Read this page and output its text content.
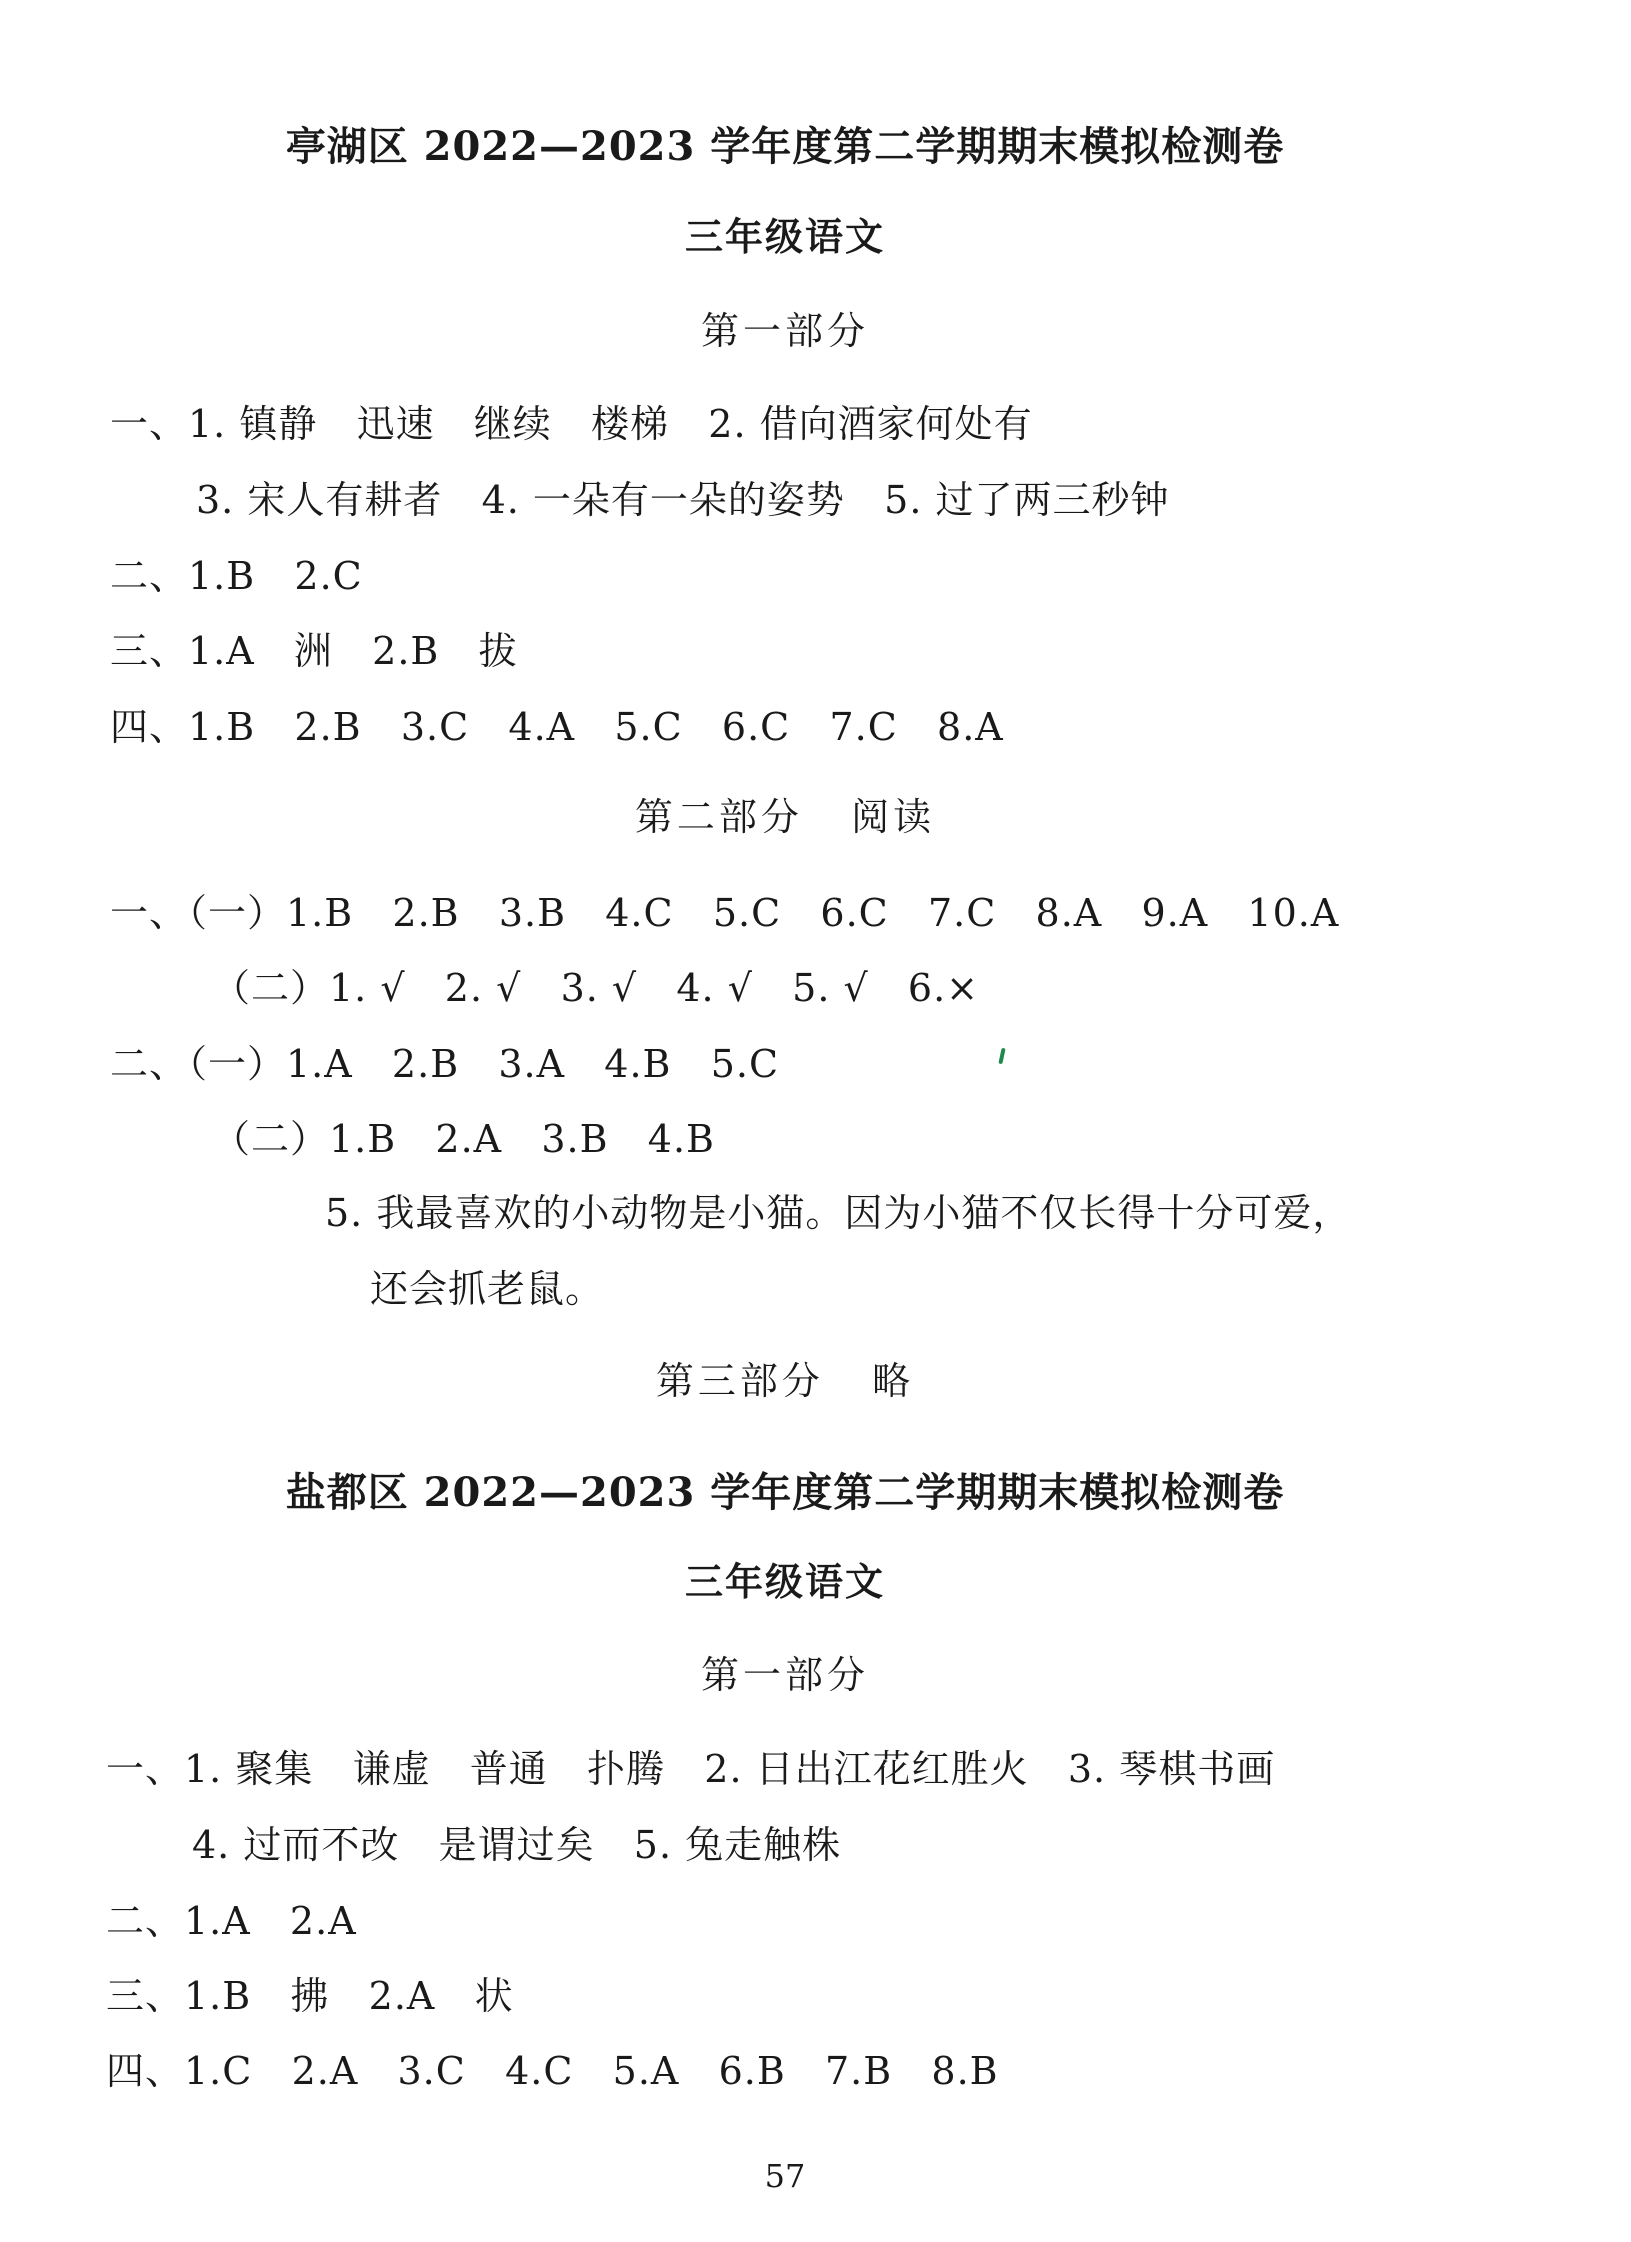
亭湖区 2022—2023 学年度第二学期期末模拟检测卷
三年级语文
第一部分
一、1. 镇静   迅速   继续   楼梯   2. 借向酒家何处有
3. 宋人有耕者   4. 一朵有一朵的姿势   5. 过了两三秒钟
二、1.B   2.C
三、1.A   洲   2.B   拔
四、1.B   2.B   3.C   4.A   5.C   6.C   7.C   8.A
第二部分   阅读
一、（一）1.B   2.B   3.B   4.C   5.C   6.C   7.C   8.A   9.A   10.A
（二）1. √   2. √   3. √   4. √   5. √   6.×
二、（一）1.A   2.B   3.A   4.B   5.C
（二）1.B   2.A   3.B   4.B
5. 我最喜欢的小动物是小猫。因为小猫不仅长得十分可爱，
还会抓老鼠。
第三部分   略
盐都区 2022—2023 学年度第二学期期末模拟检测卷
三年级语文
第一部分
一、1. 聚集   谦虚   普通   扑腾   2. 日出江花红胜火   3. 琴棋书画
4. 过而不改   是谓过矣   5. 兔走触株
二、1.A   2.A
三、1.B   拂   2.A   状
四、1.C   2.A   3.C   4.C   5.A   6.B   7.B   8.B
57
